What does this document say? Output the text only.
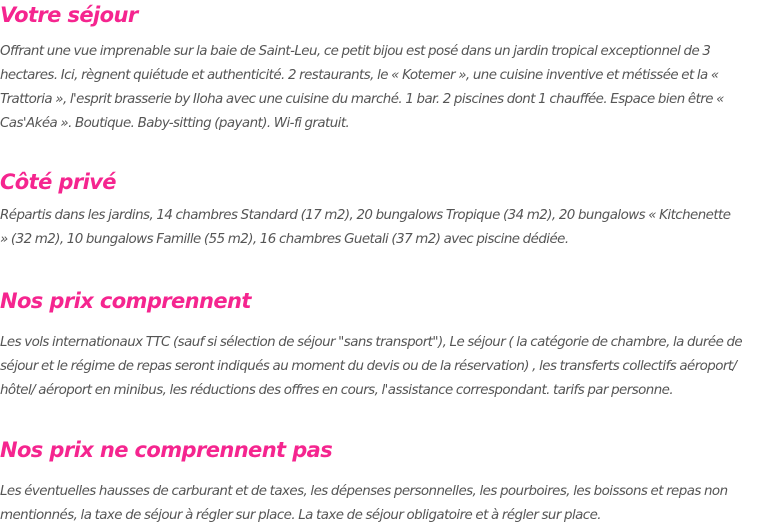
Votre séjour

Offrant une vue imprenable sur la baie de Saint-Leu, ce petit bijou est posé dans un jardin tropical exceptionnel de 3
hectares. Ici, règnent quiétude et authenticité. 2 restaurants, le « Kotemer », une cuisine inventive et métissée et la «
Trattoria », l'esprit brasserie by Iloha avec une cuisine du marché. 1 bar. 2 piscines dont 1 chauffée. Espace bien être «
Cas'Akéa ». Boutique. Baby-sitting (payant). Wi-fi gratuit.

Côté privé

Répartis dans les jardins, 14 chambres Standard (17 m2), 20 bungalows Tropique (34 m2), 20 bungalows « Kitchenette
» (32 m2), 10 bungalows Famille (55 m2), 16 chambres Guetali (37 m2) avec piscine dédiée.

Nos prix comprennent

Les vols internationaux TTC (sauf si sélection de séjour "sans transport"), Le séjour ( la catégorie de chambre, la durée de
séjour et le régime de repas seront indiqués au moment du devis ou de la réservation) , les transferts collectifs aéroport/
hôtel/ aéroport en minibus, les réductions des offres en cours, l'assistance correspondant. tarifs par personne.

Nos prix ne comprennent pas

Les éventuelles hausses de carburant et de taxes, les dépenses personnelles, les pourboires, les boissons et repas non
mentionnés, la taxe de séjour à régler sur place. La taxe de séjour obligatoire et à régler sur place.
